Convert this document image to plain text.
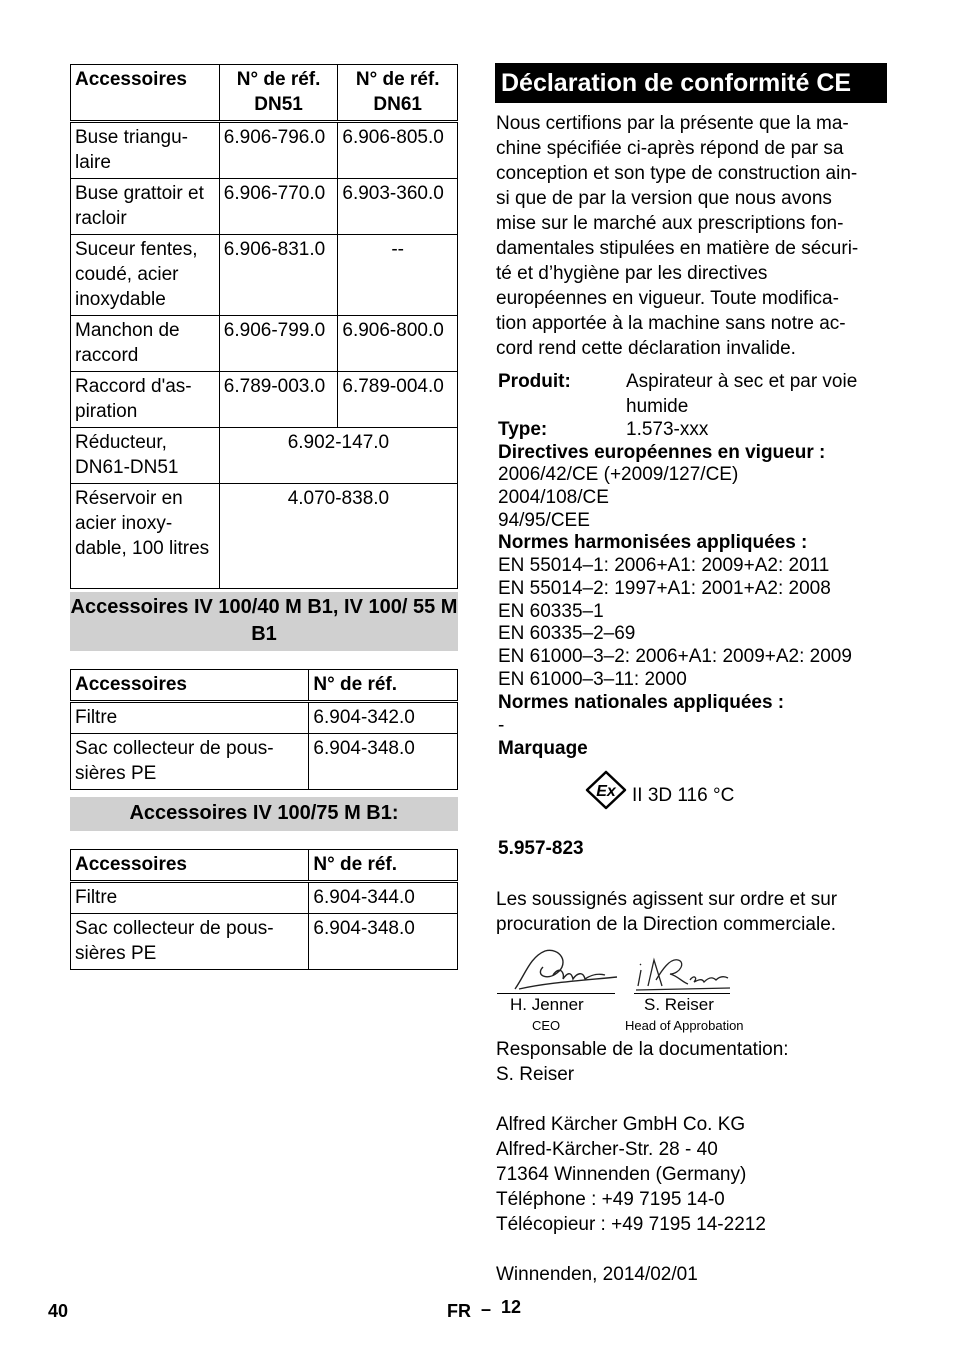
Accessoires	N° de réf. DN51	N° de réf. DN61
Buse triangu-laire	6.906-796.0	6.906-805.0
Buse grattoir et racloir	6.906-770.0	6.903-360.0
Suceur fentes, coudé, acier inoxydable	6.906-831.0	--
Manchon de raccord	6.906-799.0	6.906-800.0
Raccord d'as-piration	6.789-003.0	6.789-004.0
Réducteur, DN61-DN51	6.902-147.0	
Réservoir en acier inoxy-dable, 100 litres	4.070-838.0	
Accessoires IV 100/40 M B1, IV 100/ 55 M B1
Accessoires	N° de réf.
Filtre	6.904-342.0
Sac collecteur de pous-sières PE	6.904-348.0
Accessoires IV 100/75 M B1:
Accessoires	N° de réf.
Filtre	6.904-344.0
Sac collecteur de pous-sières PE	6.904-348.0
Déclaration de conformité CE
Nous certifions par la présente que la ma-
chine spécifiée ci-après répond de par sa
conception et son type de construction ain-
si que de par la version que nous avons
mise sur le marché aux prescriptions fon-
damentales stipulées en matière de sécuri-
té et d’hygiène par les directives
européennes en vigueur. Toute modifica-
tion apportée à la machine sans notre ac-
cord rend cette déclaration invalide.
Produit:	Aspirateur à sec et par voie
humide
Type:	1.573-xxx
Directives européennes en vigueur :
2006/42/CE (+2009/127/CE)
2004/108/CE
94/95/CEE
Normes harmonisées appliquées :
EN 55014–1: 2006+A1: 2009+A2: 2011
EN 55014–2: 1997+A1: 2001+A2: 2008
EN 60335–1
EN 60335–2–69
EN 61000–3–2: 2006+A1: 2009+A2: 2009
EN 61000–3–11: 2000
Normes nationales appliquées :
-
Marquage
Ex II 3D 116 °C
5.957-823
Les soussignés agissent sur ordre et sur
procuration de la Direction commerciale.
H. Jenner	S. Reiser
CEO	Head of Approbation
Responsable de la documentation:
S. Reiser
Alfred Kärcher GmbH Co. KG
Alfred-Kärcher-Str. 28 - 40
71364 Winnenden (Germany)
Téléphone : +49 7195 14-0
Télécopieur : +49 7195 14-2212
Winnenden, 2014/02/01
40	FR – 12
